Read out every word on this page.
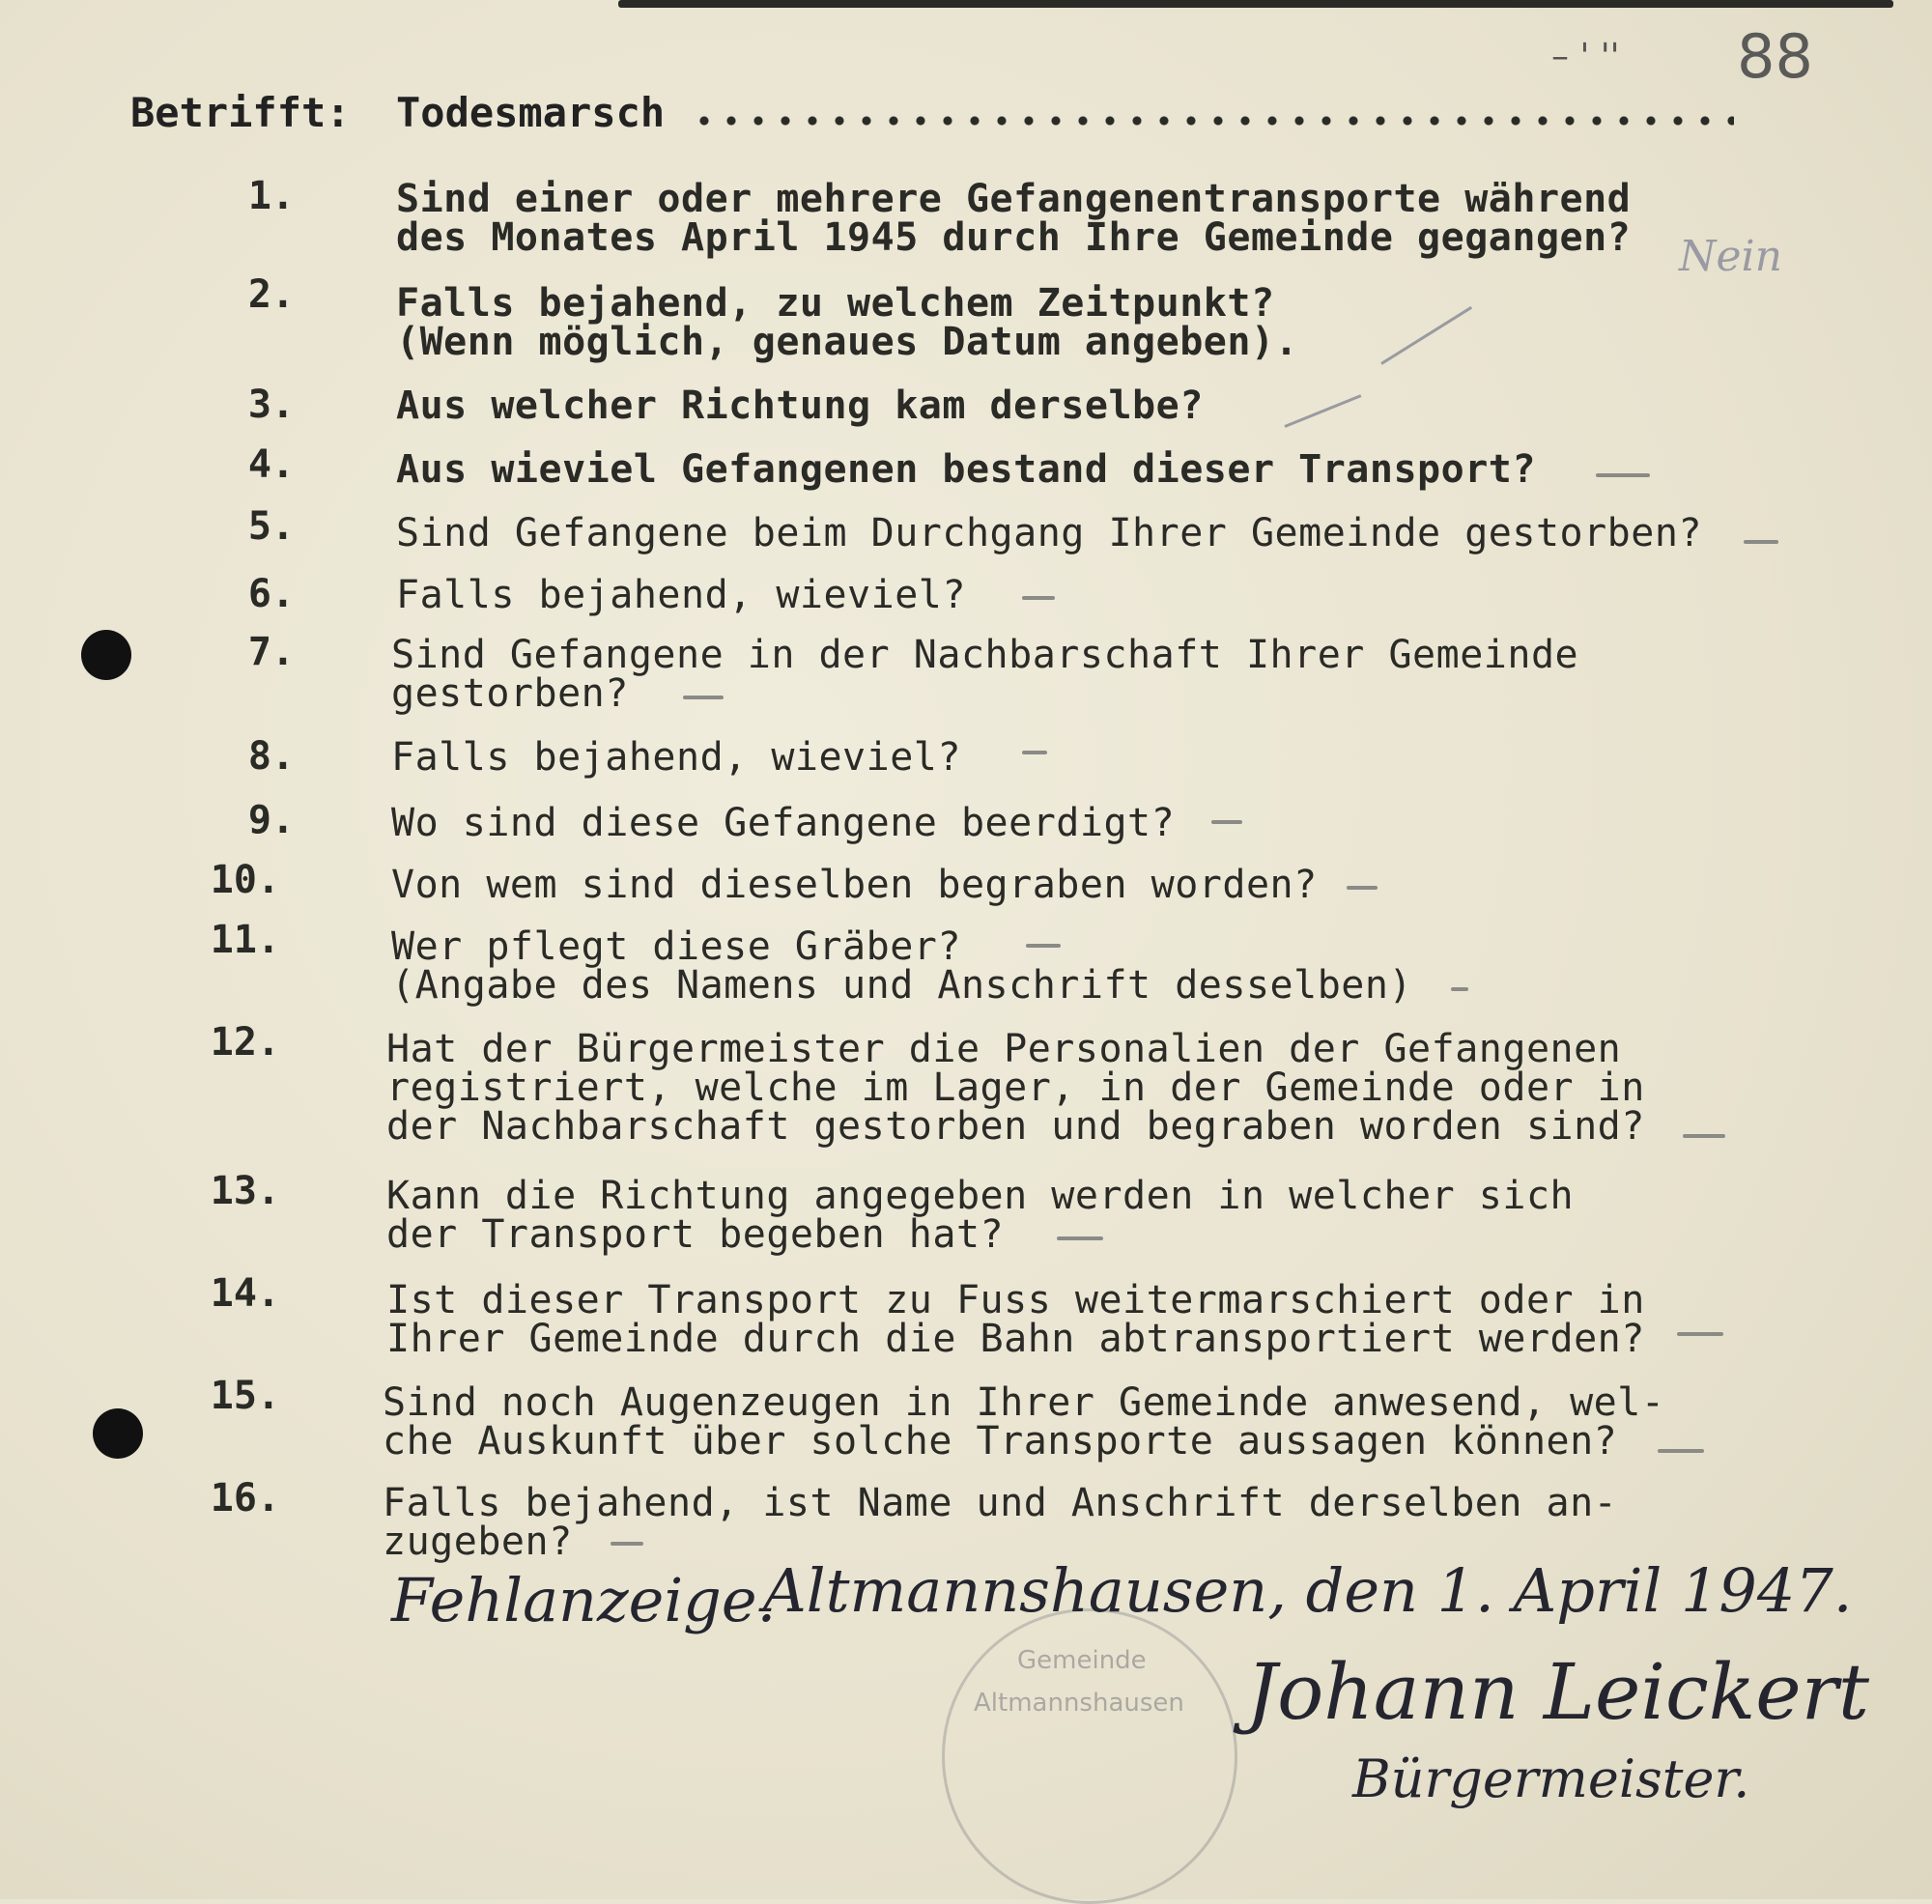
– ' '' 88
Betrifft: Todesmarsch
1.	Sind einer oder mehrere Gefangenentransporte während
des Monates April 1945 durch Ihre Gemeinde gegangen? Nein
2.	Falls bejahend, zu welchem Zeitpunkt?
(Wenn möglich, genaues Datum angeben).
3.	Aus welcher Richtung kam derselbe?
4.	Aus wieviel Gefangenen bestand dieser Transport?
5.	Sind Gefangene beim Durchgang Ihrer Gemeinde gestorben?
6.	Falls bejahend, wieviel?
7.	Sind Gefangene in der Nachbarschaft Ihrer Gemeinde
gestorben?
8.	Falls bejahend, wieviel?
9.	Wo sind diese Gefangene beerdigt?
10.	Von wem sind dieselben begraben worden?
11.	Wer pflegt diese Gräber?
(Angabe des Namens und Anschrift desselben)
12.	Hat der Bürgermeister die Personalien der Gefangenen
registriert, welche im Lager, in der Gemeinde oder in
der Nachbarschaft gestorben und begraben worden sind?
13.	Kann die Richtung angegeben werden in welcher sich
der Transport begeben hat?
14.	Ist dieser Transport zu Fuss weitermarschiert oder in
Ihrer Gemeinde durch die Bahn abtransportiert werden?
15.	Sind noch Augenzeugen in Ihrer Gemeinde anwesend, wel-
che Auskunft über solche Transporte aussagen können?
16.	Falls bejahend, ist Name und Anschrift derselben an-
zugeben?
Gemeinde
Altmannshausen
Fehlanzeige.
Altmannshausen, den 1. April 1947.
Johann Leickert
Bürgermeister.
